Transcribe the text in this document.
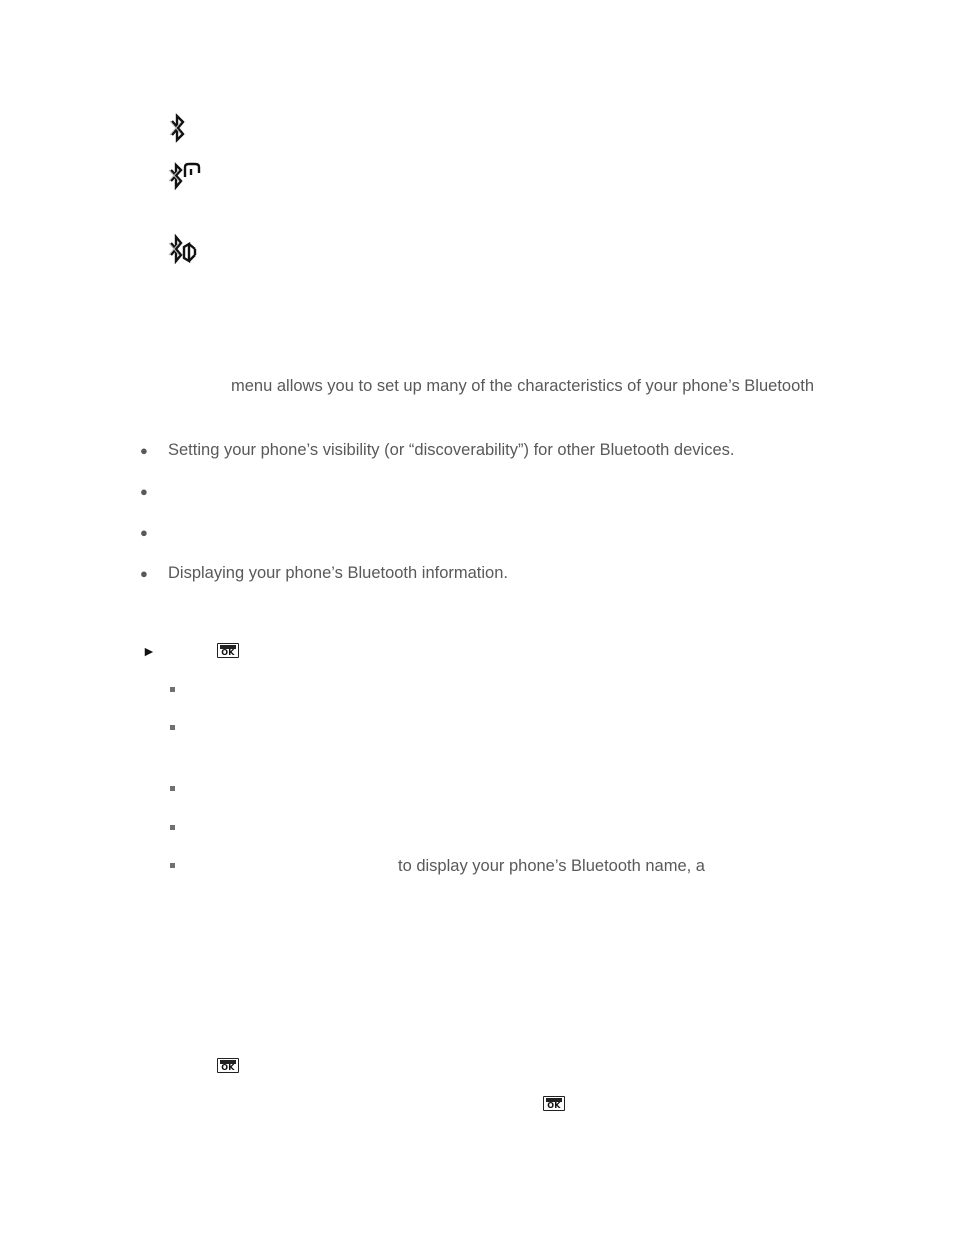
menu allows you to set up many of the characteristics of your phone’s Bluetooth
● Setting your phone’s visibility (or “discoverability”) for other Bluetooth devices.
●
●
● Displaying your phone’s Bluetooth information.
►	OK
to display your phone’s Bluetooth name, a
OK
OK
